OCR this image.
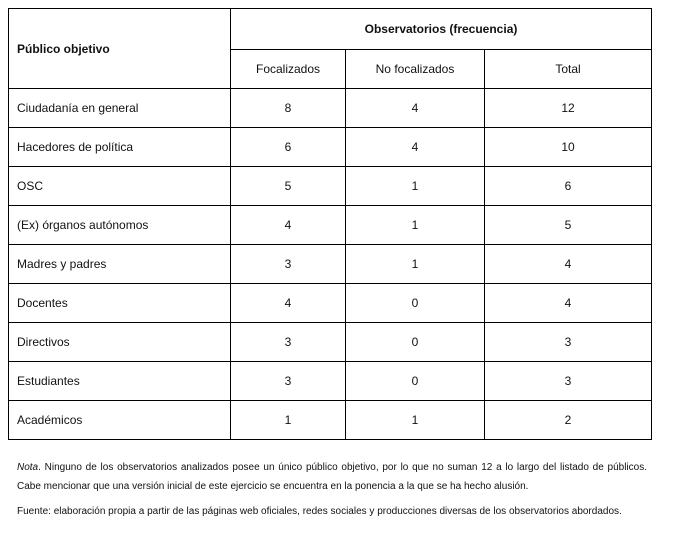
Público objetivo	Observatorios (frecuencia)		
	Focalizados	No focalizados	Total
Ciudadanía en general	8	4	12
Hacedores de política	6	4	10
OSC	5	1	6
(Ex) órganos autónomos	4	1	5
Madres y padres	3	1	4
Docentes	4	0	4
Directivos	3	0	3
Estudiantes	3	0	3
Académicos	1	1	2

Nota. Ninguno de los observatorios analizados posee un único público objetivo, por lo que no suman 12 a lo largo del listado de públicos. Cabe mencionar que una versión inicial de este ejercicio se encuentra en la ponencia a la que se ha hecho alusión.

Fuente: elaboración propia a partir de las páginas web oficiales, redes sociales y producciones diversas de los observatorios abordados.
